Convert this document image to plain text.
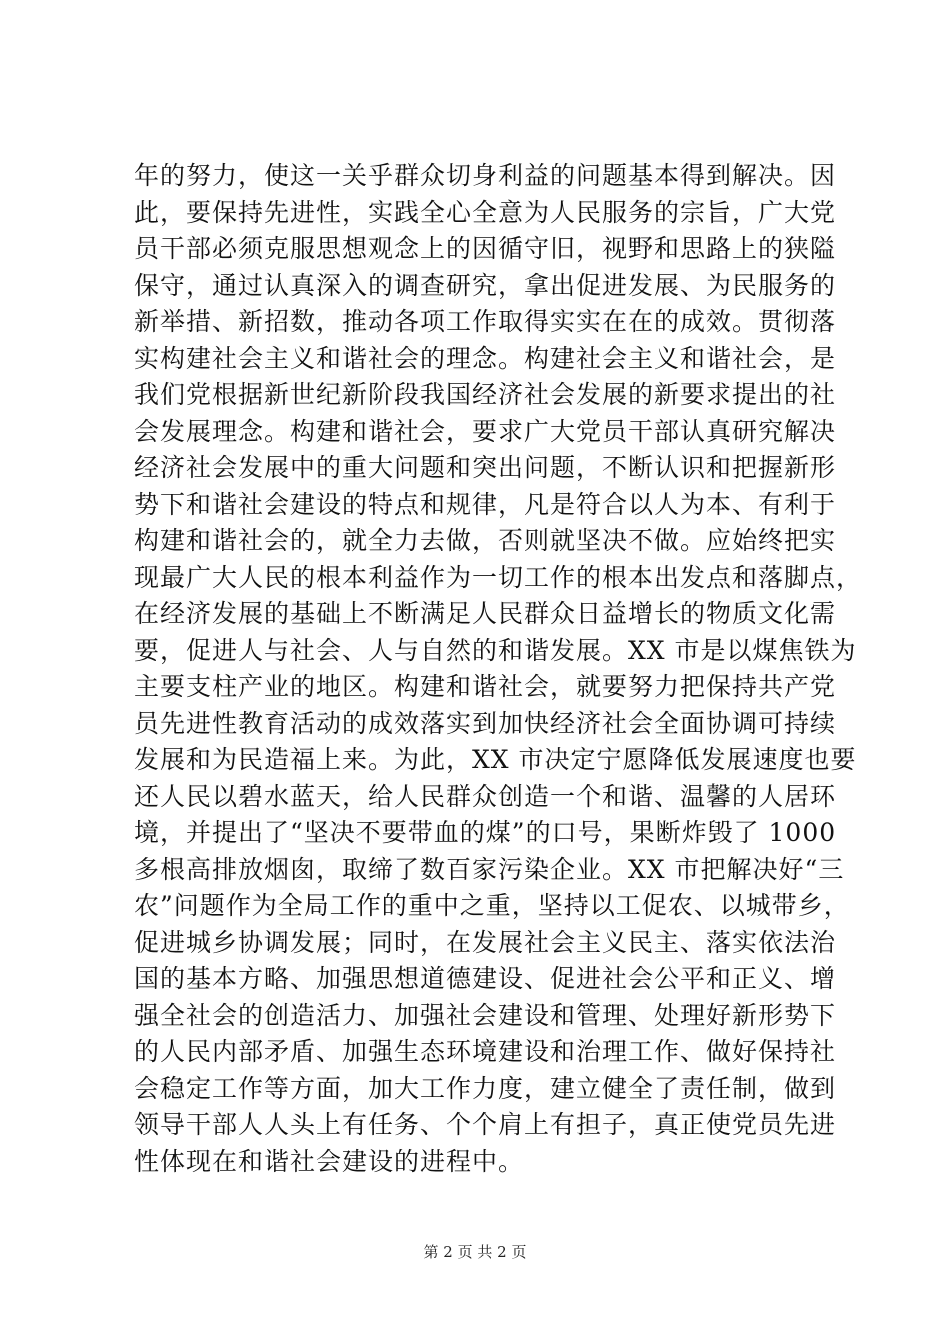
年的努力，使这一关乎群众切身利益的问题基本得到解决。因
此，要保持先进性，实践全心全意为人民服务的宗旨，广大党
员干部必须克服思想观念上的因循守旧，视野和思路上的狭隘
保守，通过认真深入的调查研究，拿出促进发展、为民服务的
新举措、新招数，推动各项工作取得实实在在的成效。贯彻落
实构建社会主义和谐社会的理念。构建社会主义和谐社会，是
我们党根据新世纪新阶段我国经济社会发展的新要求提出的社
会发展理念。构建和谐社会，要求广大党员干部认真研究解决
经济社会发展中的重大问题和突出问题，不断认识和把握新形
势下和谐社会建设的特点和规律，凡是符合以人为本、有利于
构建和谐社会的，就全力去做，否则就坚决不做。应始终把实
现最广大人民的根本利益作为一切工作的根本出发点和落脚点，
在经济发展的基础上不断满足人民群众日益增长的物质文化需
要，促进人与社会、人与自然的和谐发展。XX 市是以煤焦铁为
主要支柱产业的地区。构建和谐社会，就要努力把保持共产党
员先进性教育活动的成效落实到加快经济社会全面协调可持续
发展和为民造福上来。为此，XX 市决定宁愿降低发展速度也要
还人民以碧水蓝天，给人民群众创造一个和谐、温馨的人居环
境，并提出了“坚决不要带血的煤”的口号，果断炸毁了 1000
多根高排放烟囱，取缔了数百家污染企业。XX 市把解决好“三
农”问题作为全局工作的重中之重，坚持以工促农、以城带乡，
促进城乡协调发展；同时，在发展社会主义民主、落实依法治
国的基本方略、加强思想道德建设、促进社会公平和正义、增
强全社会的创造活力、加强社会建设和管理、处理好新形势下
的人民内部矛盾、加强生态环境建设和治理工作、做好保持社
会稳定工作等方面，加大工作力度，建立健全了责任制，做到
领导干部人人头上有任务、个个肩上有担子，真正使党员先进
性体现在和谐社会建设的进程中。
第 2 页 共 2 页
